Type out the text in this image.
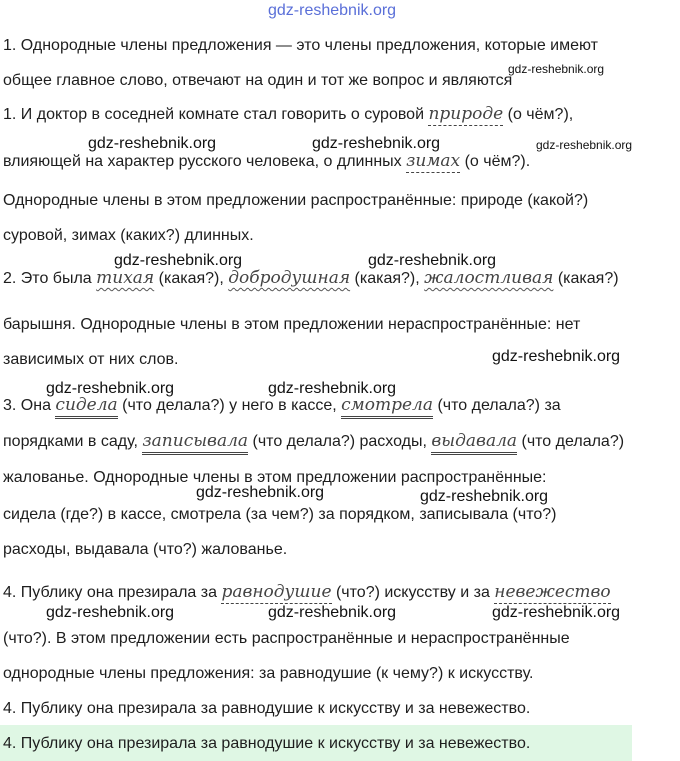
gdz-reshebnik.org
1. Однородные члены предложения — это члены предложения, которые имеют
общее главное слово, отвечают на один и тот же вопрос и являются
1. И доктор в соседней комнате стал говорить о суровой природе (о чём?),
влияющей на характер русского человека, о длинных зимах (о чём?).
Однородные члены в этом предложении распространённые: природе (какой?)
суровой, зимах (каких?) длинных.
2. Это была тихая (какая?), добродушная (какая?), жалостливая (какая?)
барышня. Однородные члены в этом предложении нераспространённые: нет
зависимых от них слов.
3. Она сидела (что делала?) у него в кассе, смотрела (что делала?) за
порядками в саду, записывала (что делала?) расходы, выдавала (что делала?)
жалованье. Однородные члены в этом предложении распространённые:
сидела (где?) в кассе, смотрела (за чем?) за порядком, записывала (что?)
расходы, выдавала (что?) жалованье.
4. Публику она презирала за равнодушие (что?) искусству и за невежество
(что?). В этом предложении есть распространённые и нераспространённые
однородные члены предложения: за равнодушие (к чему?) к искусству.
4. Публику она презирала за равнодушие к искусству и за невежество.
4. Публику она презирала за равнодушие к искусству и за невежество.
gdz-reshebnik.org
gdz-reshebnik.org	gdz-reshebnik.org	gdz-reshebnik.org
gdz-reshebnik.org	gdz-reshebnik.org
gdz-reshebnik.org
gdz-reshebnik.org	gdz-reshebnik.org
gdz-reshebnik.org	gdz-reshebnik.org
gdz-reshebnik.org	gdz-reshebnik.org	gdz-reshebnik.org
